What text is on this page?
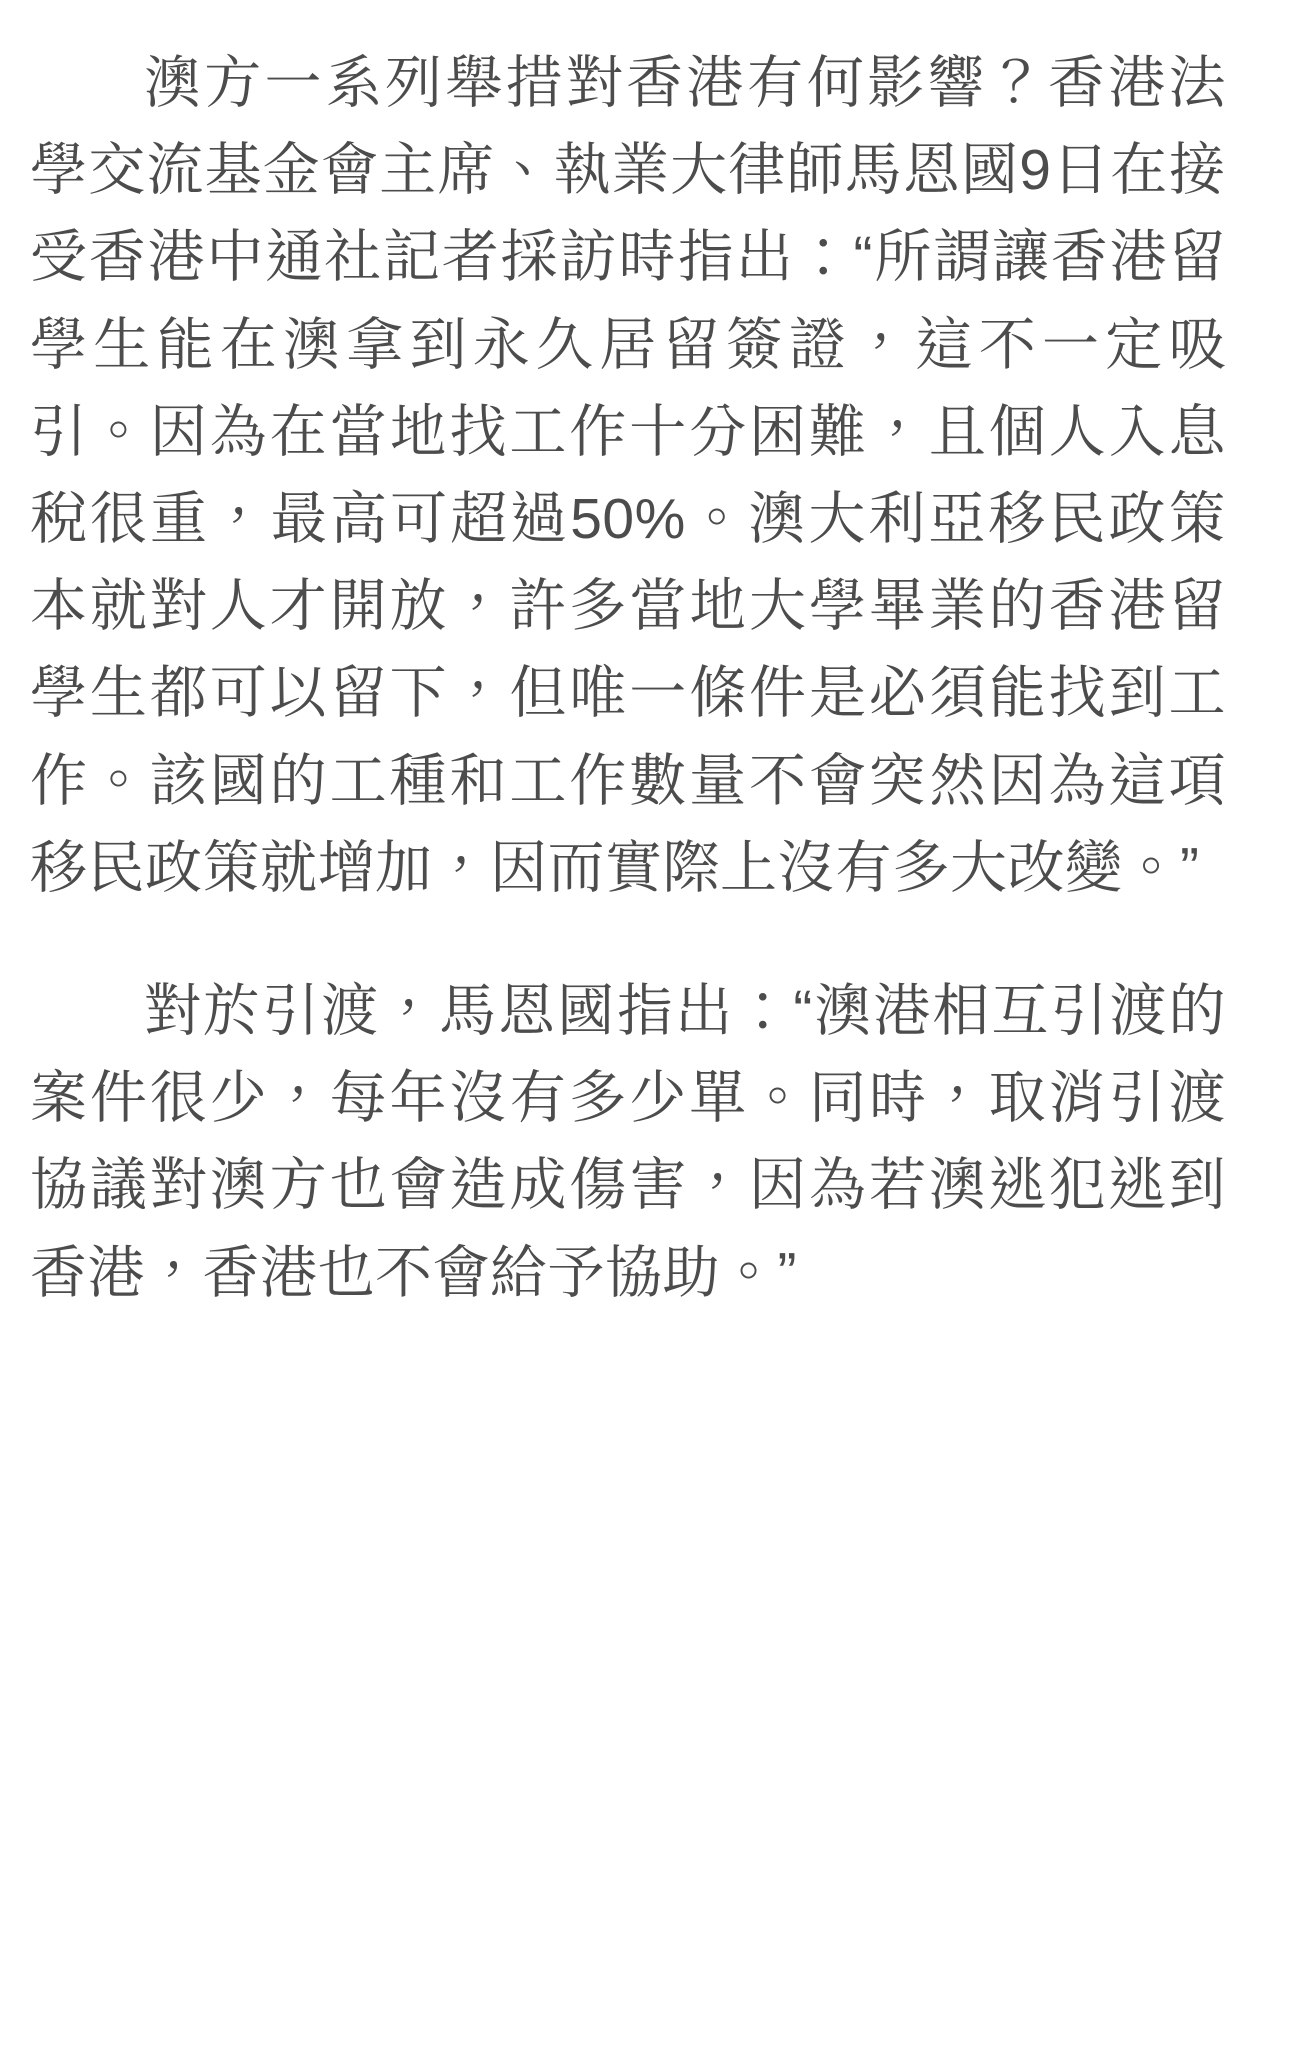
澳方一系列舉措對香港有何影響？香港法學交流基金會主席、執業大律師馬恩國9日在接受香港中通社記者採訪時指出：“所謂讓香港留學生能在澳拿到永久居留簽證，這不一定吸引。因為在當地找工作十分困難，且個人入息稅很重，最高可超過50%。澳大利亞移民政策本就對人才開放，許多當地大學畢業的香港留學生都可以留下，但唯一條件是必須能找到工作。該國的工種和工作數量不會突然因為這項移民政策就增加，因而實際上沒有多大改變。”

對於引渡，馬恩國指出：“澳港相互引渡的案件很少，每年沒有多少單。同時，取消引渡協議對澳方也會造成傷害，因為若澳逃犯逃到香港，香港也不會給予協助。”
